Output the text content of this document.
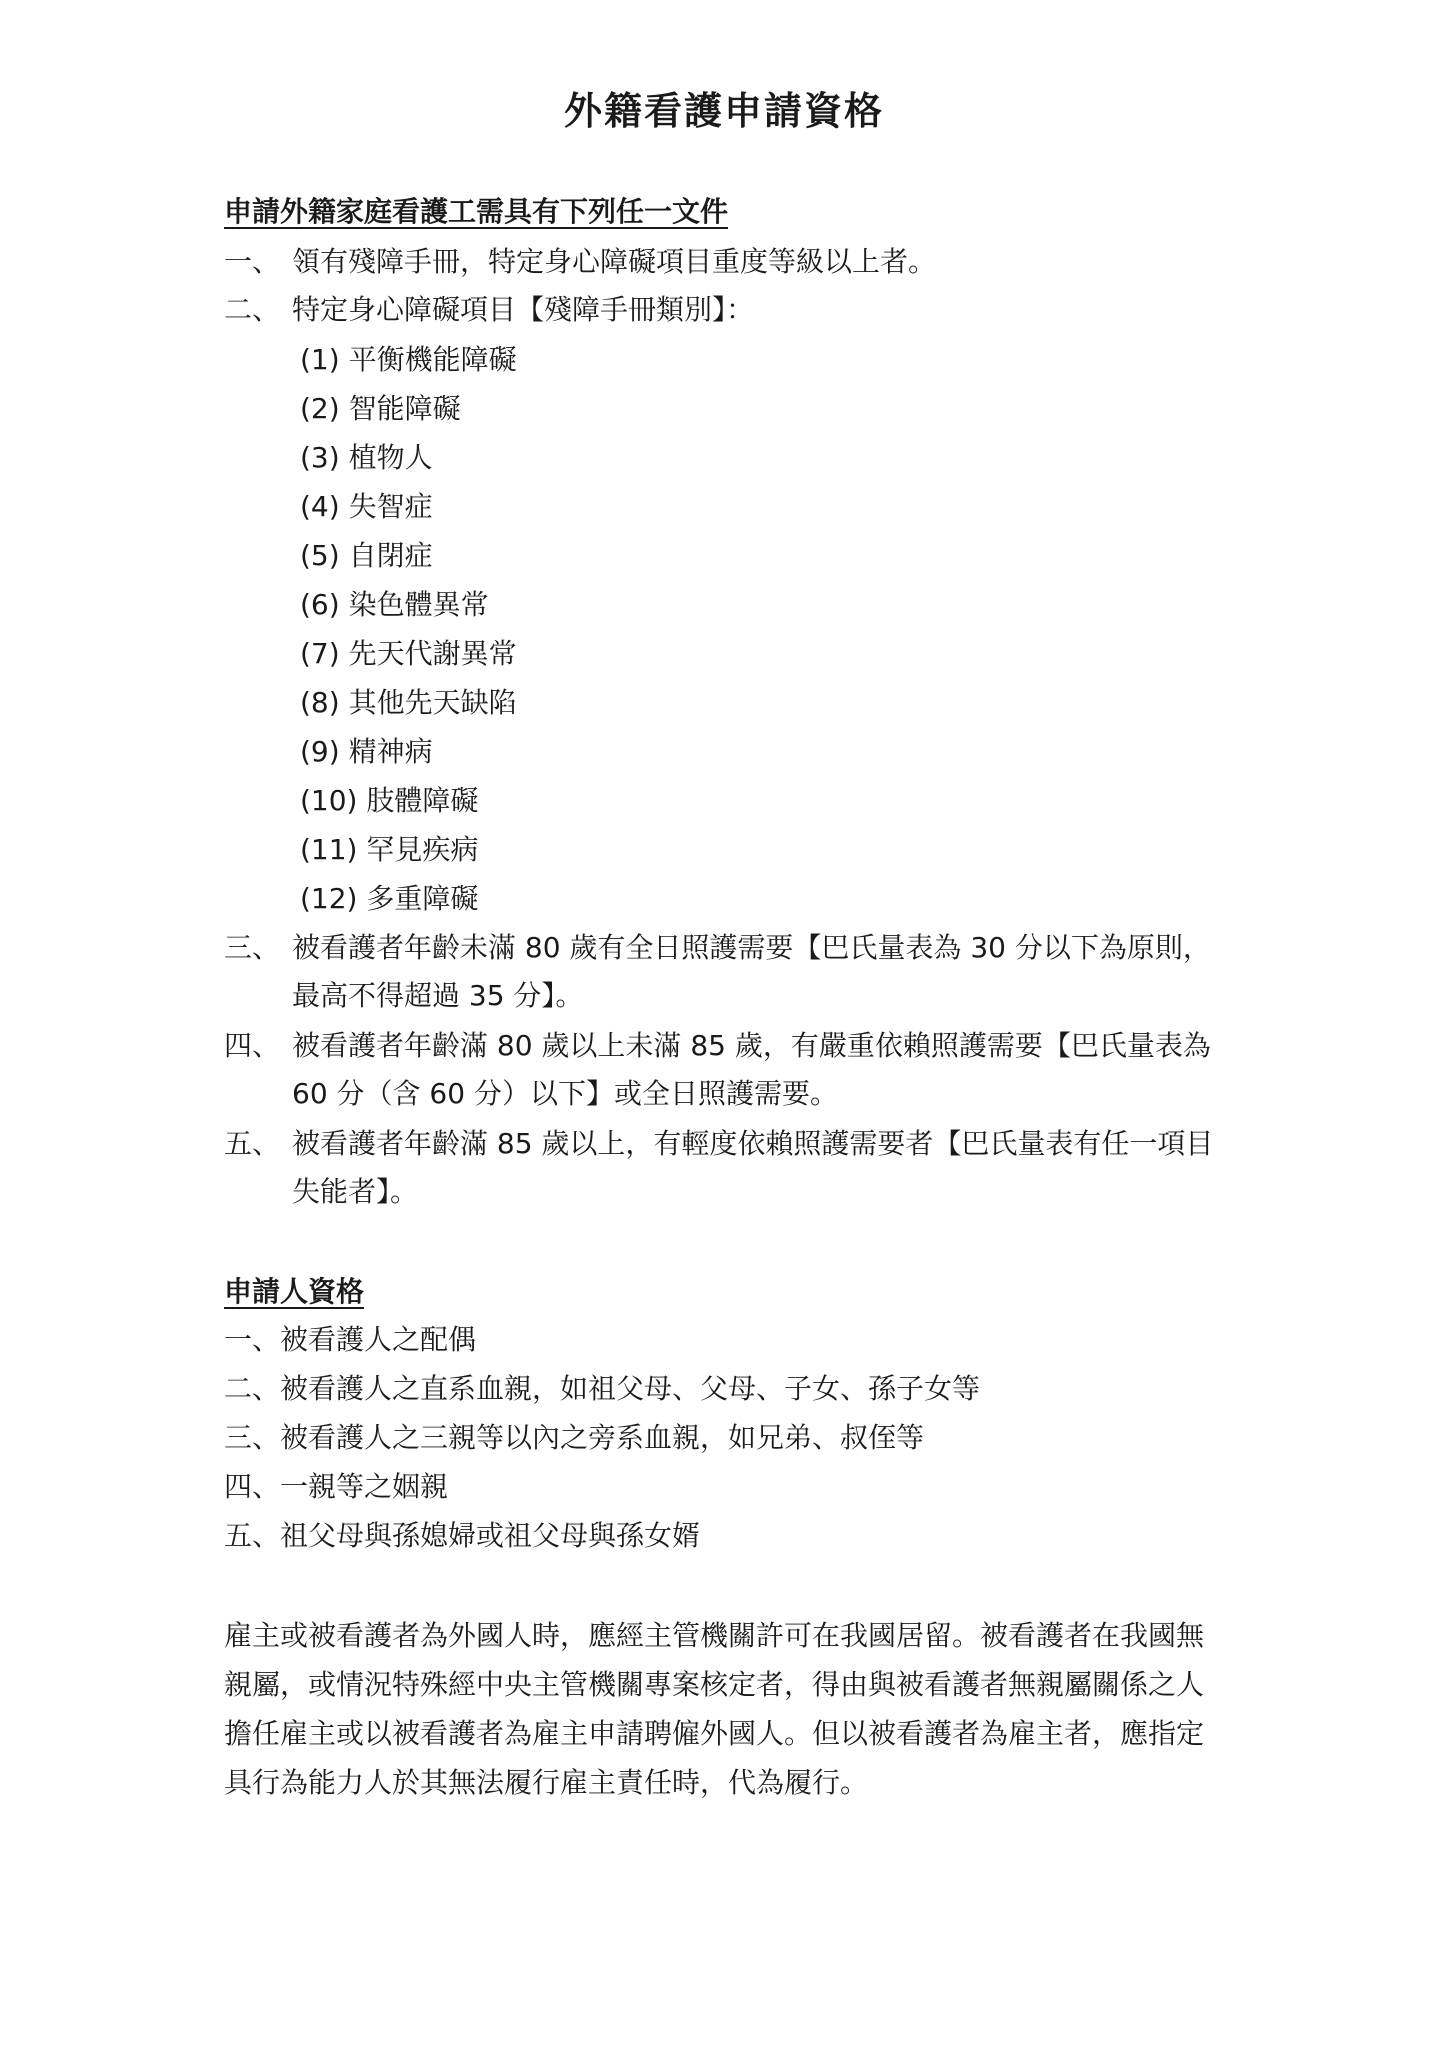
外籍看護申請資格
申請外籍家庭看護工需具有下列任一文件
一、 領有殘障手冊，特定身心障礙項目重度等級以上者。
二、 特定身心障礙項目【殘障手冊類別】：
(1) 平衡機能障礙
(2) 智能障礙
(3) 植物人
(4) 失智症
(5) 自閉症
(6) 染色體異常
(7) 先天代謝異常
(8) 其他先天缺陷
(9) 精神病
(10) 肢體障礙
(11) 罕見疾病
(12) 多重障礙
三、 被看護者年齡未滿 80 歲有全日照護需要【巴氏量表為 30 分以下為原則，
最高不得超過 35 分】。
四、 被看護者年齡滿 80 歲以上未滿 85 歲，有嚴重依賴照護需要【巴氏量表為
60 分（含 60 分）以下】或全日照護需要。
五、 被看護者年齡滿 85 歲以上，有輕度依賴照護需要者【巴氏量表有任一項目
失能者】。
申請人資格
一、被看護人之配偶
二、被看護人之直系血親，如祖父母、父母、子女、孫子女等
三、被看護人之三親等以內之旁系血親，如兄弟、叔侄等
四、一親等之姻親
五、祖父母與孫媳婦或祖父母與孫女婿
雇主或被看護者為外國人時，應經主管機關許可在我國居留。被看護者在我國無
親屬，或情況特殊經中央主管機關專案核定者，得由與被看護者無親屬關係之人
擔任雇主或以被看護者為雇主申請聘僱外國人。但以被看護者為雇主者，應指定
具行為能力人於其無法履行雇主責任時，代為履行。
